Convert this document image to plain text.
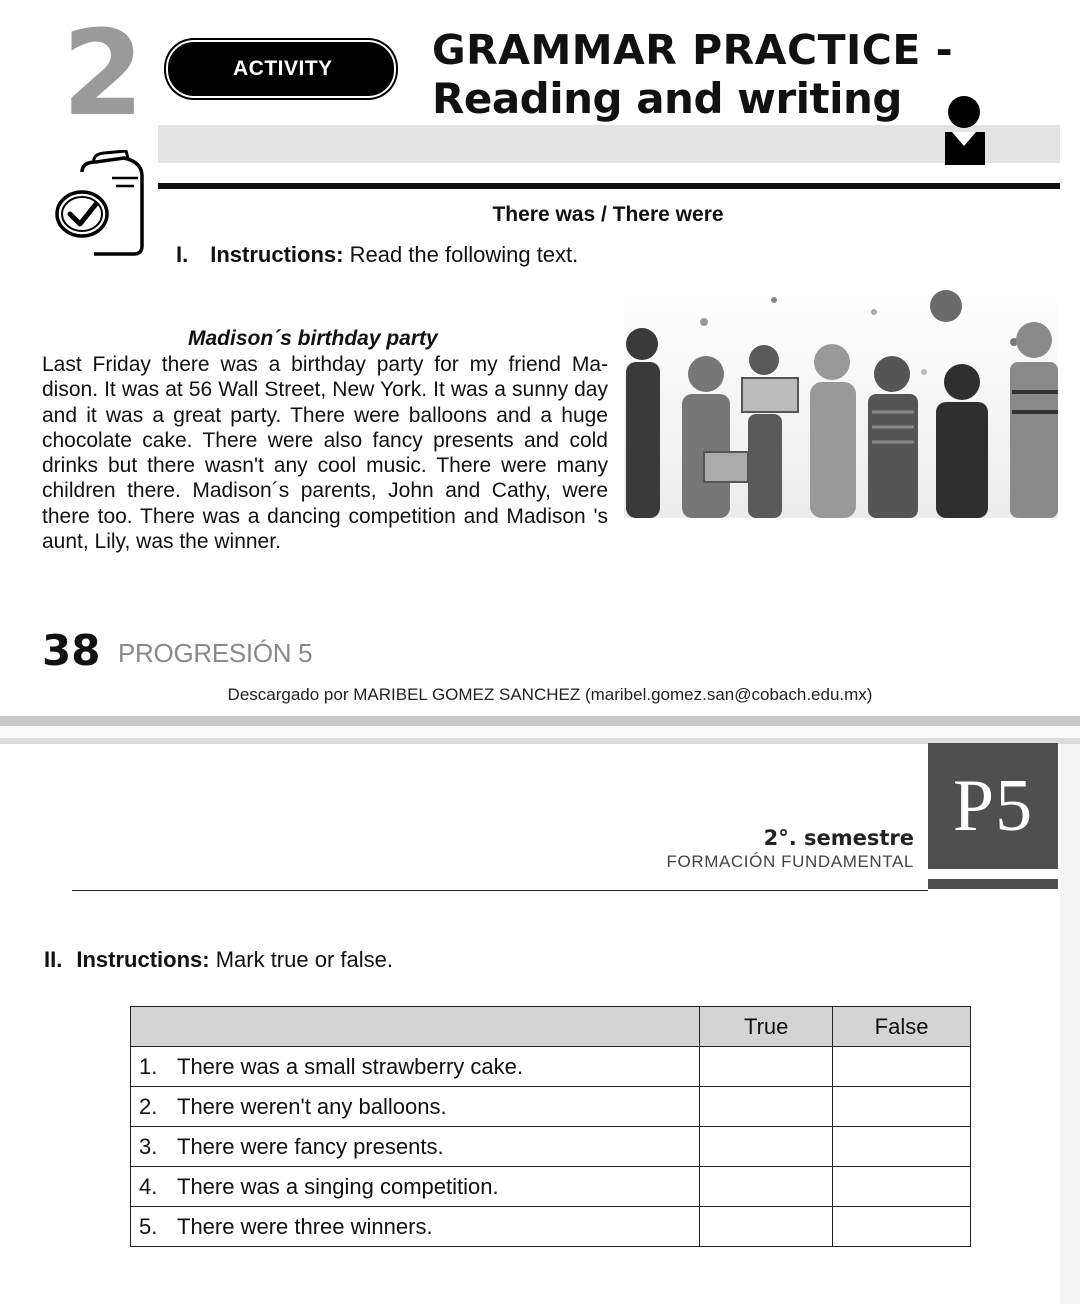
2	ACTIVITY GRAMMAR PRACTICE -
Reading and writing
There was / There were
I. Instructions: Read the following text.
Madison´s birthday party
Last Friday there was a birthday party for my friend Ma-dison. It was at 56 Wall Street, New York. It was a sunny day and it was a great party. There were balloons and a huge chocolate cake. There were also fancy presents and cold drinks but there wasn't any cool music. There were many children there. Madison´s parents, John and Cathy, were there too. There was a dancing competition and Madison 's aunt, Lily, was the winner.
38 PROGRESIÓN 5
Descargado por MARIBEL GOMEZ SANCHEZ (maribel.gomez.san@cobach.edu.mx)
P5
2°. semestre
FORMACIÓN FUNDAMENTAL
II. Instructions: Mark true or false.
	True	False
1. There was a small strawberry cake.		
2. There weren't any balloons.		
3. There were fancy presents.		
4. There was a singing competition.		
5. There were three winners.		
